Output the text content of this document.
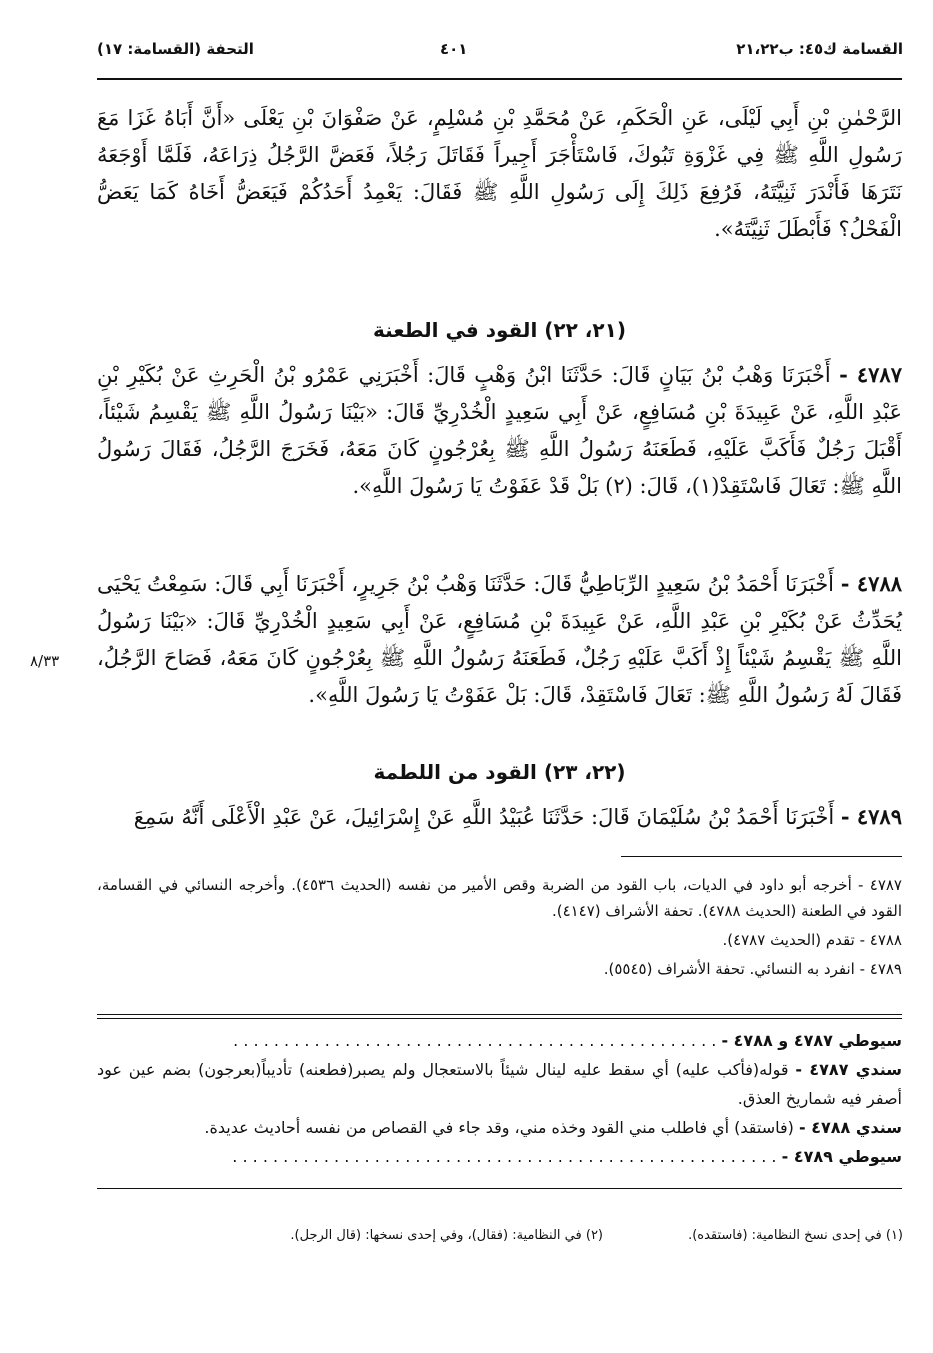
القسامة ك٤٥: ب٢١،٢٢
٤٠١
التحفة (القسامة: ١٧)

الرَّحْمٰنِ بْنِ أَبِي لَيْلَى، عَنِ الْحَكَمِ، عَنْ مُحَمَّدِ بْنِ مُسْلِمٍ، عَنْ صَفْوَانَ بْنِ يَعْلَى «أَنَّ أَبَاهُ غَزَا مَعَ رَسُولِ اللَّهِ ﷺ فِي غَزْوَةِ تَبُوكَ، فَاسْتَأْجَرَ أَجِيراً فَقَاتَلَ رَجُلاً، فَعَضَّ الرَّجُلُ ذِرَاعَهُ، فَلَمَّا أَوْجَعَهُ نَتَرَهَا فَأَنْدَرَ ثَنِيَّتَهُ، فَرُفِعَ ذَلِكَ إِلَى رَسُولِ اللَّهِ ﷺ فَقَالَ: يَعْمِدُ أَحَدُكُمْ فَيَعَضُّ أَخَاهُ كَمَا يَعَضُّ الْفَحْلُ؟ فَأَبْطَلَ ثَنِيَّتَهُ».

(٢١، ٢٢) القود في الطعنة

٤٧٨٧ - أَخْبَرَنَا وَهْبُ بْنُ بَيَانٍ قَالَ: حَدَّثَنَا ابْنُ وَهْبٍ قَالَ: أَخْبَرَنِي عَمْرُو بْنُ الْحَرِثِ عَنْ بُكَيْرِ بْنِ عَبْدِ اللَّهِ، عَنْ عَبِيدَةَ بْنِ مُسَافِعٍ، عَنْ أَبِي سَعِيدٍ الْخُدْرِيِّ قَالَ: «بَيْنَا رَسُولُ اللَّهِ ﷺ يَقْسِمُ شَيْئاً، أَقْبَلَ رَجُلٌ فَأَكَبَّ عَلَيْهِ، فَطَعَنَهُ رَسُولُ اللَّهِ ﷺ بِعُرْجُونٍ كَانَ مَعَهُ، فَخَرَجَ الرَّجُلُ، فَقَالَ رَسُولُ اللَّهِ ﷺ: تَعَالَ فَاسْتَقِدْ(١)، قَالَ: (٢) بَلْ قَدْ عَفَوْتُ يَا رَسُولَ اللَّهِ».

٤٧٨٨ - أَخْبَرَنَا أَحْمَدُ بْنُ سَعِيدٍ الرِّبَاطِيُّ قَالَ: حَدَّثَنَا وَهْبُ بْنُ جَرِيرٍ، أَخْبَرَنَا أَبِي قَالَ: سَمِعْتُ يَحْيَى يُحَدِّثُ عَنْ بُكَيْرِ بْنِ عَبْدِ اللَّهِ، عَنْ عَبِيدَةَ بْنِ مُسَافِعٍ، عَنْ أَبِي سَعِيدٍ الْخُدْرِيِّ قَالَ: «بَيْنَا رَسُولُ اللَّهِ ﷺ يَقْسِمُ شَيْئاً إِذْ أَكَبَّ عَلَيْهِ رَجُلٌ، فَطَعَنَهُ رَسُولُ اللَّهِ ﷺ بِعُرْجُونٍ كَانَ مَعَهُ، فَصَاحَ الرَّجُلُ، فَقَالَ لَهُ رَسُولُ اللَّهِ ﷺ: تَعَالَ فَاسْتَقِدْ، قَالَ: بَلْ عَفَوْتُ يَا رَسُولَ اللَّهِ».

٨/٣٣
(٢٢، ٢٣) القود من اللطمة

٤٧٨٩ - أَخْبَرَنَا أَحْمَدُ بْنُ سُلَيْمَانَ قَالَ: حَدَّثَنَا عُبَيْدُ اللَّهِ عَنْ إِسْرَائِيلَ، عَنْ عَبْدِ الْأَعْلَى أَنَّهُ سَمِعَ

٤٧٨٧ - أخرجه أبو داود في الديات، باب القود من الضربة وقص الأمير من نفسه (الحديث ٤٥٣٦). وأخرجه النسائي في القسامة، القود في الطعنة (الحديث ٤٧٨٨). تحفة الأشراف (٤١٤٧).

٤٧٨٨ - تقدم (الحديث ٤٧٨٧).

٤٧٨٩ - انفرد به النسائي. تحفة الأشراف (٥٥٤٥).

سيوطي ٤٧٨٧ و ٤٧٨٨ - . . . . . . . . . . . . . . . . . . . . . . . . . . . . . . . . . . . . . . . . . . . . . . . .

سندي ٤٧٨٧ - قوله(فأكب عليه) أي سقط عليه لينال شيئاً بالاستعجال ولم يصبر(فطعنه) تأديباً(بعرجون) بضم عين عود أصفر فيه شماريخ العذق.

سندي ٤٧٨٨ - (فاستقد) أي فاطلب مني القود وخذه مني، وقد جاء في القصاص من نفسه أحاديث عديدة.

سيوطي ٤٧٨٩ - . . . . . . . . . . . . . . . . . . . . . . . . . . . . . . . . . . . . . . . . . . . . . . . . . . . . . .

(١) في إحدى نسخ النظامية: (فاستقده).
(٢) في النظامية: (فقال)، وفي إحدى نسخها: (قال الرجل).
